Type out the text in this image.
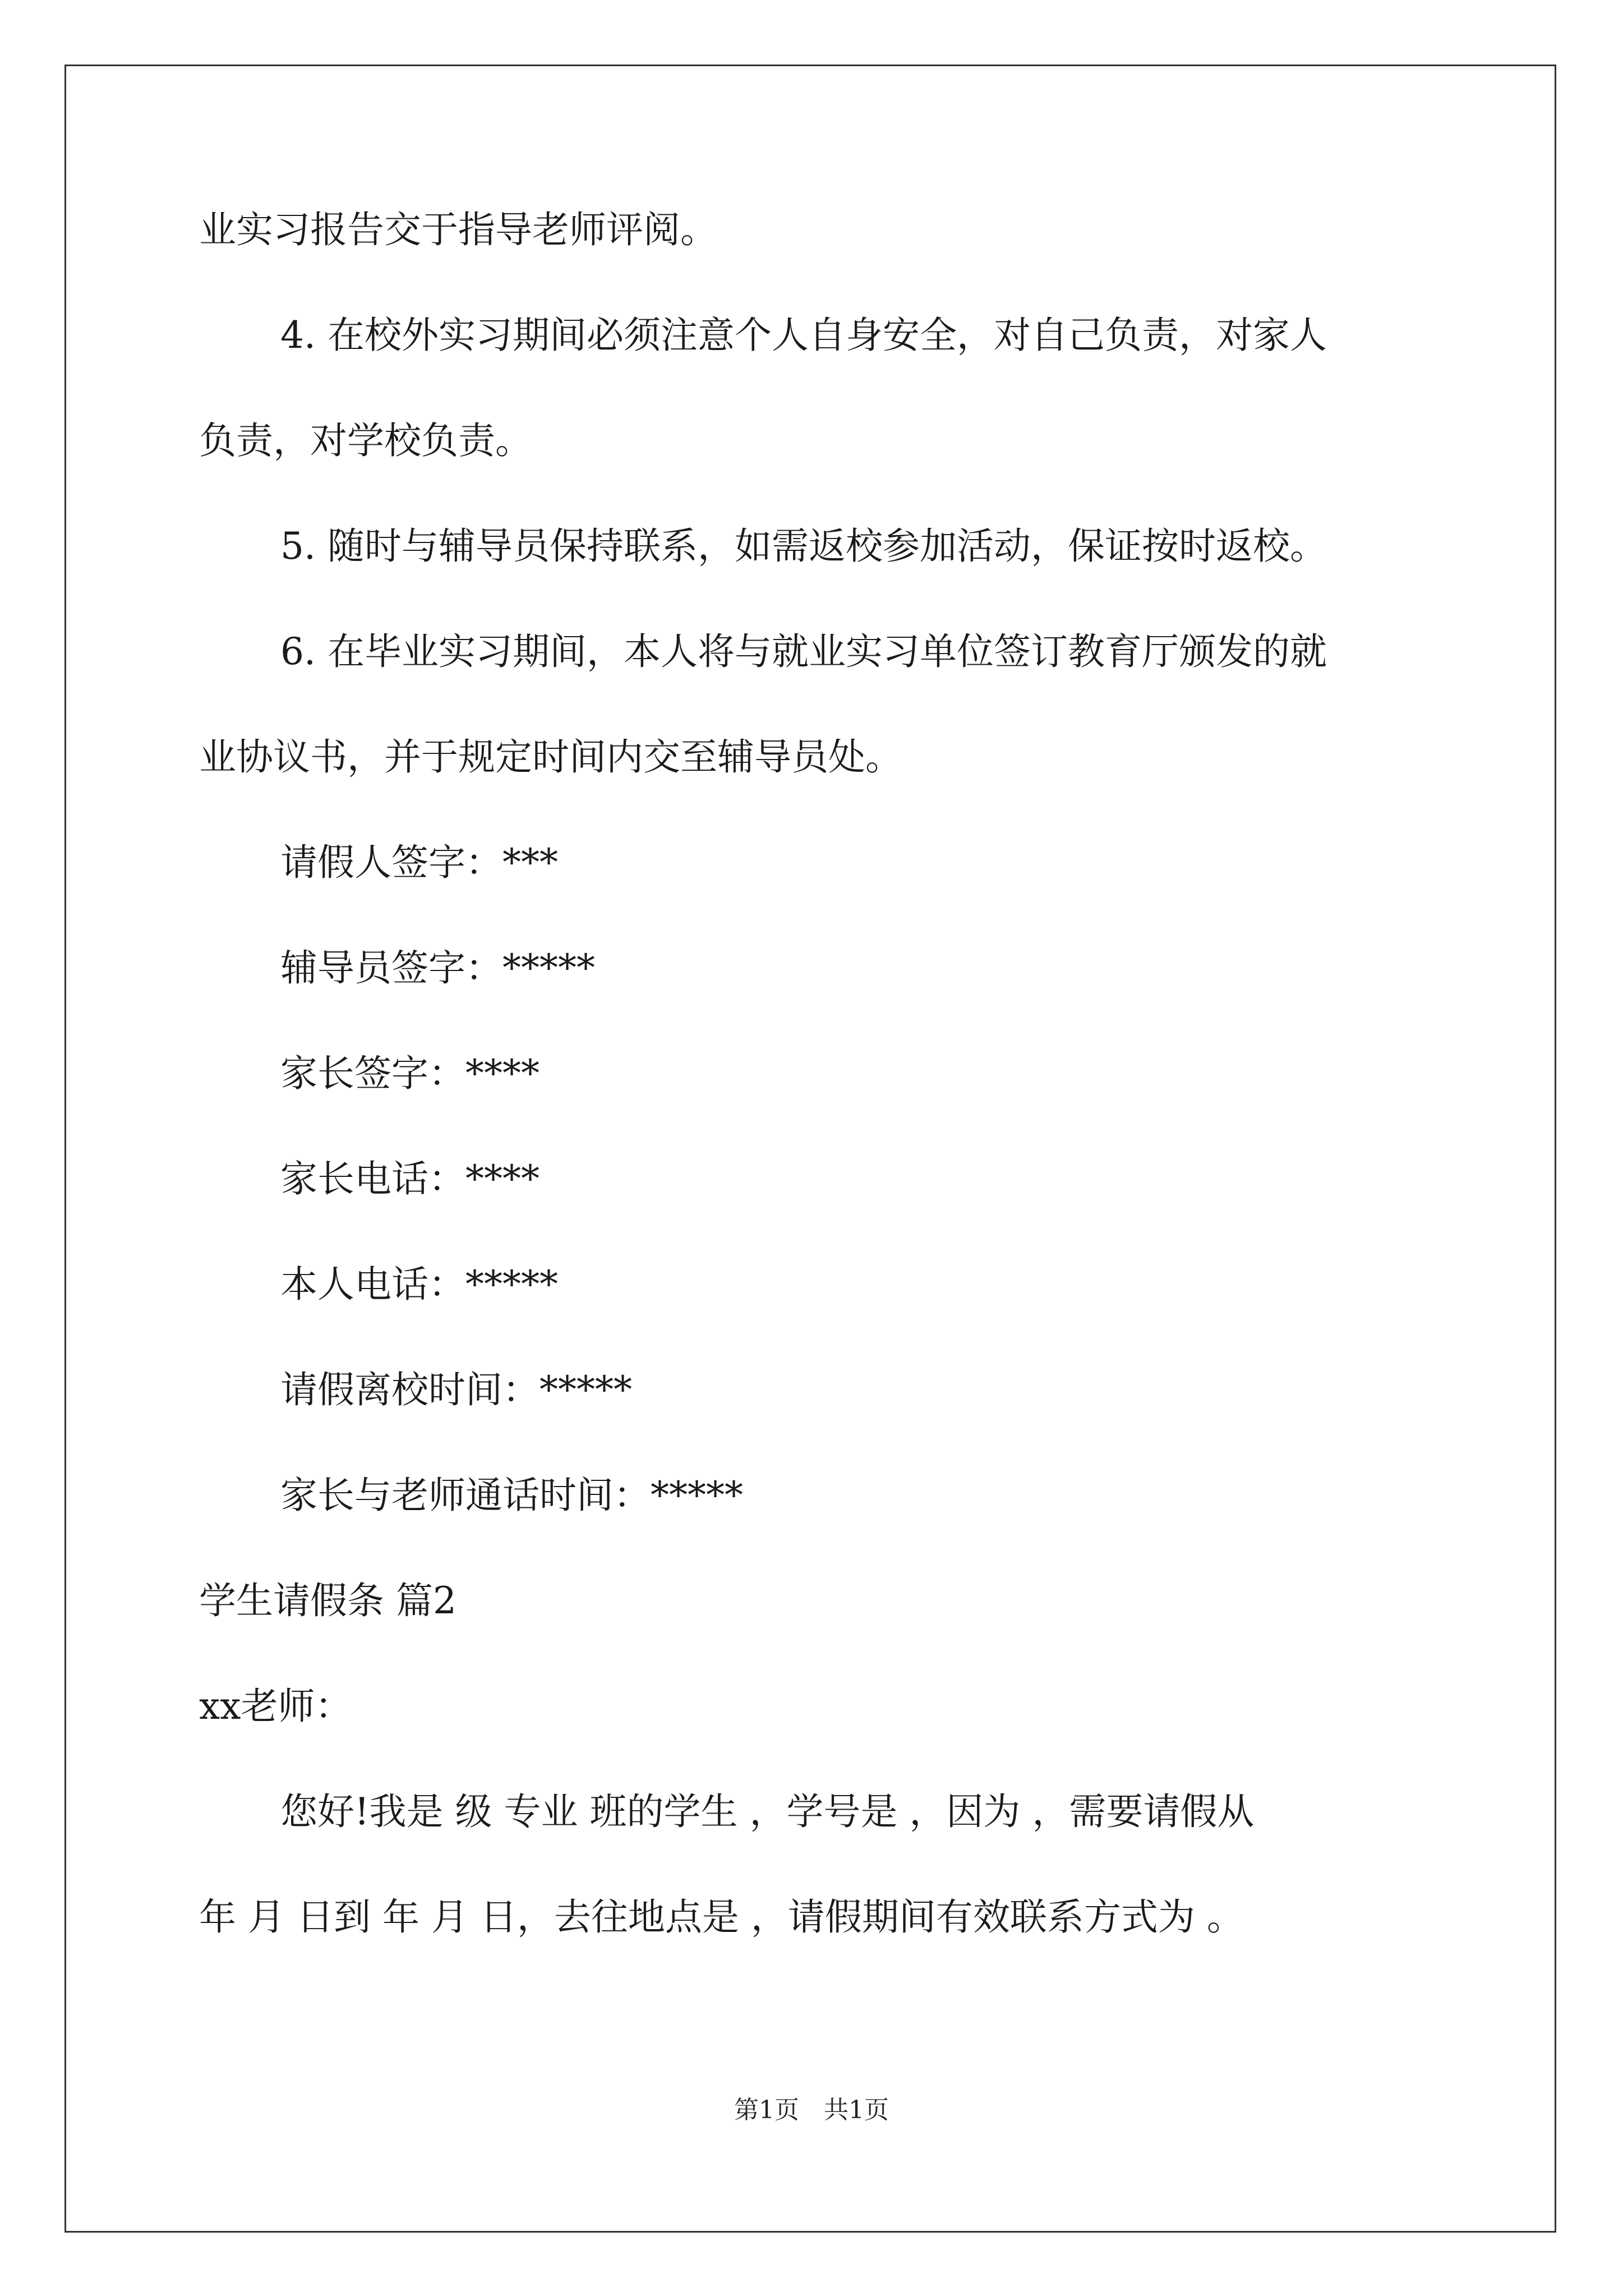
业实习报告交于指导老师评阅。
4. 在校外实习期间必须注意个人自身安全，对自己负责，对家人
负责，对学校负责。
5. 随时与辅导员保持联系，如需返校参加活动，保证按时返校。
6. 在毕业实习期间，本人将与就业实习单位签订教育厅颁发的就
业协议书，并于规定时间内交至辅导员处。
请假人签字：***
辅导员签字：*****
家长签字：****
家长电话：****
本人电话：*****
请假离校时间：*****
家长与老师通话时间：*****
学生请假条 篇2
xx老师：
您好!我是 级 专业 班的学生 ，学号是 ，因为 ，需要请假从
年 月 日到 年 月 日，去往地点是 ，请假期间有效联系方式为 。
第1页　共1页
